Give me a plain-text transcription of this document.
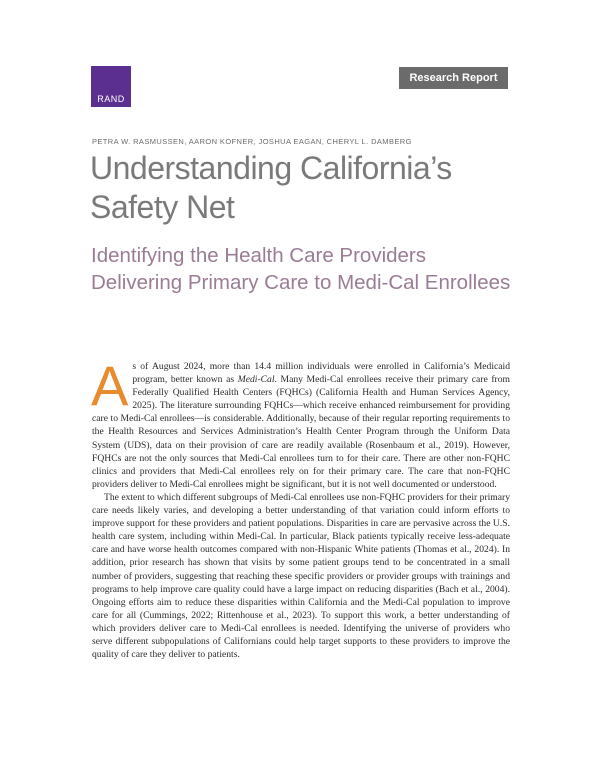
RAND
Research Report
PETRA W. RASMUSSEN, AARON KOFNER, JOSHUA EAGAN, CHERYL L. DAMBERG
Understanding California’s Safety Net
Identifying the Health Care Providers Delivering Primary Care to Medi-Cal Enrollees

As of August 2024, more than 14.4 million individuals were enrolled in California’s Medicaid program, better known as Medi-Cal. Many Medi-Cal enrollees receive their primary care from Federally Qualified Health Centers (FQHCs) (California Health and Human Services Agency, 2025). The literature surrounding FQHCs—which receive enhanced reimbursement for providing care to Medi-Cal enrollees—is considerable. Additionally, because of their regular reporting requirements to the Health Resources and Services Administration’s Health Center Program through the Uniform Data System (UDS), data on their provision of care are readily available (Rosenbaum et al., 2019). However, FQHCs are not the only sources that Medi-Cal enrollees turn to for their care. There are other non-FQHC clinics and providers that Medi-Cal enrollees rely on for their primary care. The care that non-FQHC providers deliver to Medi-Cal enrollees might be significant, but it is not well documented or understood.

The extent to which different subgroups of Medi-Cal enrollees use non-FQHC providers for their primary care needs likely varies, and developing a better understanding of that variation could inform efforts to improve support for these providers and patient populations. Disparities in care are pervasive across the U.S. health care system, including within Medi-Cal. In particular, Black patients typically receive less-adequate care and have worse health outcomes compared with non-Hispanic White patients (Thomas et al., 2024). In addition, prior research has shown that visits by some patient groups tend to be concentrated in a small number of providers, suggesting that reaching these specific providers or provider groups with trainings and programs to help improve care quality could have a large impact on reducing disparities (Bach et al., 2004). Ongoing efforts aim to reduce these disparities within California and the Medi-Cal population to improve care for all (Cummings, 2022; Rittenhouse et al., 2023). To support this work, a better understanding of which providers deliver care to Medi-Cal enrollees is needed. Identifying the universe of providers who serve different subpopulations of Californians could help target supports to these providers to improve the quality of care they deliver to patients.
